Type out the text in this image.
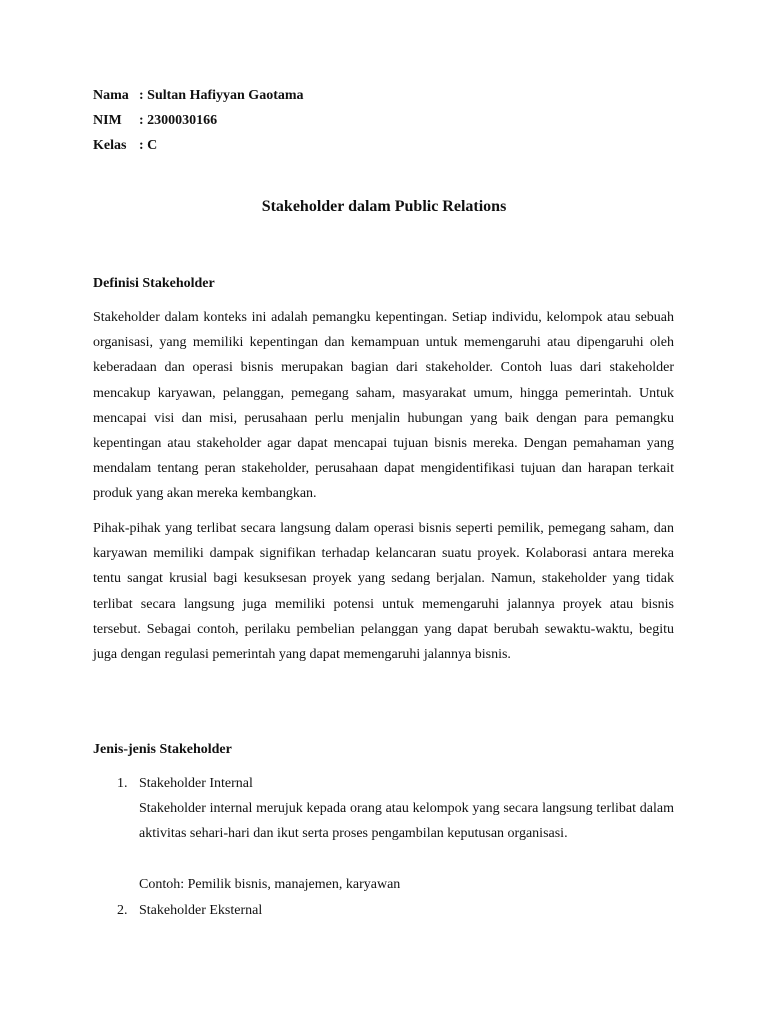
Nama : Sultan Hafiyyan Gaotama
NIM : 2300030166
Kelas : C
Stakeholder dalam Public Relations
Definisi Stakeholder

Stakeholder dalam konteks ini adalah pemangku kepentingan. Setiap individu, kelompok atau sebuah organisasi, yang memiliki kepentingan dan kemampuan untuk memengaruhi atau dipengaruhi oleh keberadaan dan operasi bisnis merupakan bagian dari stakeholder. Contoh luas dari stakeholder mencakup karyawan, pelanggan, pemegang saham, masyarakat umum, hingga pemerintah. Untuk mencapai visi dan misi, perusahaan perlu menjalin hubungan yang baik dengan para pemangku kepentingan atau stakeholder agar dapat mencapai tujuan bisnis mereka. Dengan pemahaman yang mendalam tentang peran stakeholder, perusahaan dapat mengidentifikasi tujuan dan harapan terkait produk yang akan mereka kembangkan.

Pihak-pihak yang terlibat secara langsung dalam operasi bisnis seperti pemilik, pemegang saham, dan karyawan memiliki dampak signifikan terhadap kelancaran suatu proyek. Kolaborasi antara mereka tentu sangat krusial bagi kesuksesan proyek yang sedang berjalan. Namun, stakeholder yang tidak terlibat secara langsung juga memiliki potensi untuk memengaruhi jalannya proyek atau bisnis tersebut. Sebagai contoh, perilaku pembelian pelanggan yang dapat berubah sewaktu-waktu, begitu juga dengan regulasi pemerintah yang dapat memengaruhi jalannya bisnis.

Jenis-jenis Stakeholder
1. Stakeholder Internal

Stakeholder internal merujuk kepada orang atau kelompok yang secara langsung terlibat dalam aktivitas sehari-hari dan ikut serta proses pengambilan keputusan organisasi.

Contoh: Pemilik bisnis, manajemen, karyawan
2. Stakeholder Eksternal
